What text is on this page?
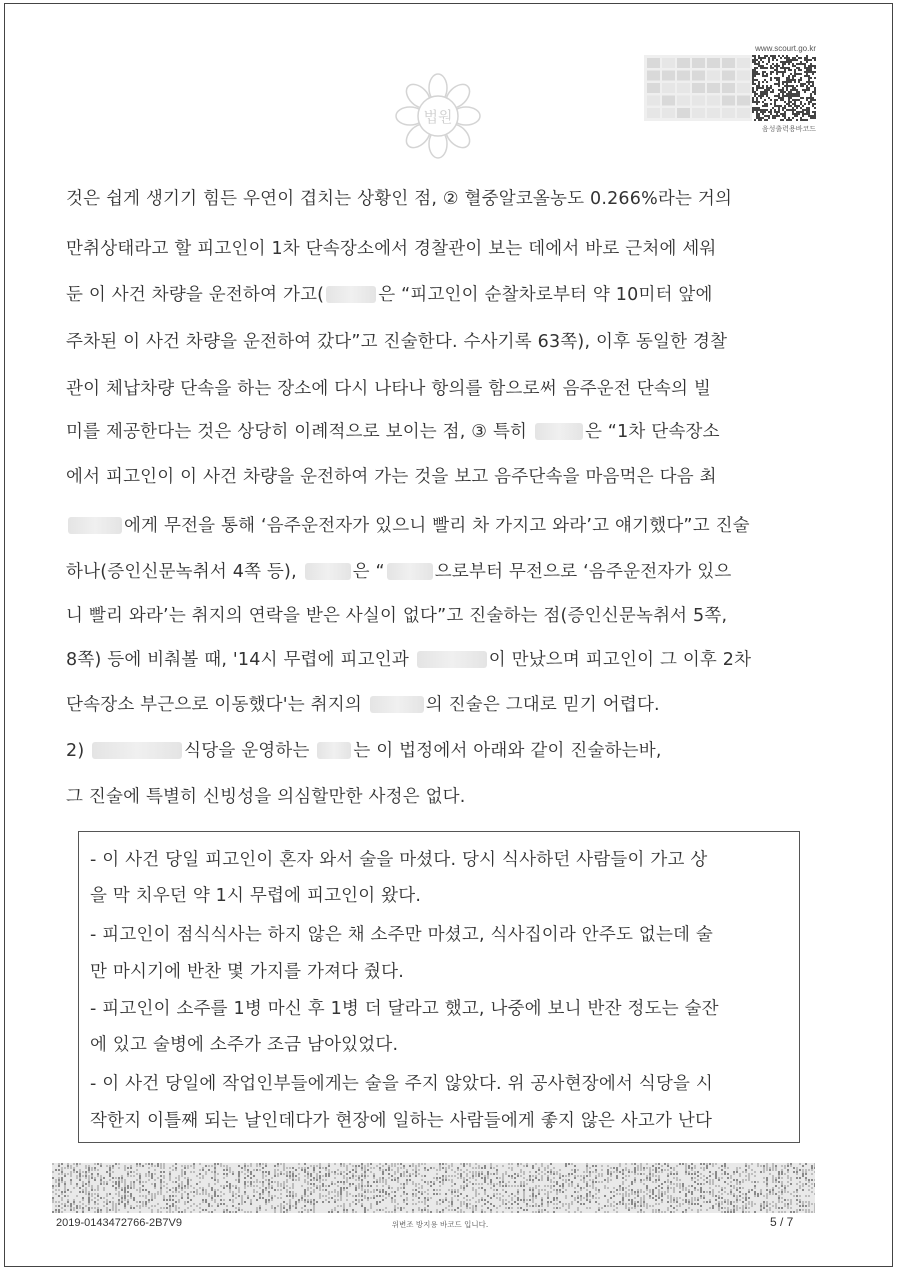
법원
www.scourt.go.kr
음성출력용바코드
것은 쉽게 생기기 힘든 우연이 겹치는 상황인 점, ② 혈중알코올농도 0.266%라는 거의
만취상태라고 할 피고인이 1차 단속장소에서 경찰관이 보는 데에서 바로 근처에 세워
둔 이 사건 차량을 운전하여 가고(	은 “피고인이 순찰차로부터 약 10미터 앞에
주차된 이 사건 차량을 운전하여 갔다”고 진술한다. 수사기록 63쪽), 이후 동일한 경찰
관이 체납차량 단속을 하는 장소에 다시 나타나 항의를 함으로써 음주운전 단속의 빌
미를 제공한다는 것은 상당히 이례적으로 보이는 점, ③ 특히	은 “1차 단속장소
에서 피고인이 이 사건 차량을 운전하여 가는 것을 보고 음주단속을 마음먹은 다음 최
에게 무전을 통해 ‘음주운전자가 있으니 빨리 차 가지고 와라’고 얘기했다”고 진술
하나(증인신문녹취서 4쪽 등),	은 “	으로부터 무전으로 ‘음주운전자가 있으
니 빨리 와라’는 취지의 연락을 받은 사실이 없다”고 진술하는 점(증인신문녹취서 5쪽,
8쪽) 등에 비춰볼 때, '14시 무렵에 피고인과	이 만났으며 피고인이 그 이후 2차
단속장소 부근으로 이동했다'는 취지의	의 진술은 그대로 믿기 어렵다.
2)	식당을 운영하는 는 이 법정에서 아래와 같이 진술하는바,
그 진술에 특별히 신빙성을 의심할만한 사정은 없다.
- 이 사건 당일 피고인이 혼자 와서 술을 마셨다. 당시 식사하던 사람들이 가고 상
을 막 치우던 약 1시 무렵에 피고인이 왔다.
- 피고인이 점식식사는 하지 않은 채 소주만 마셨고, 식사집이라 안주도 없는데 술
만 마시기에 반찬 몇 가지를 가져다 줬다.
- 피고인이 소주를 1병 마신 후 1병 더 달라고 했고, 나중에 보니 반잔 정도는 술잔
에 있고 술병에 소주가 조금 남아있었다.
- 이 사건 당일에 작업인부들에게는 술을 주지 않았다. 위 공사현장에서 식당을 시
작한지 이틀째 되는 날인데다가 현장에 일하는 사람들에게 좋지 않은 사고가 난다
2019-0143472766-2B7V9	위변조 방지용 바코드 입니다.	5 / 7
